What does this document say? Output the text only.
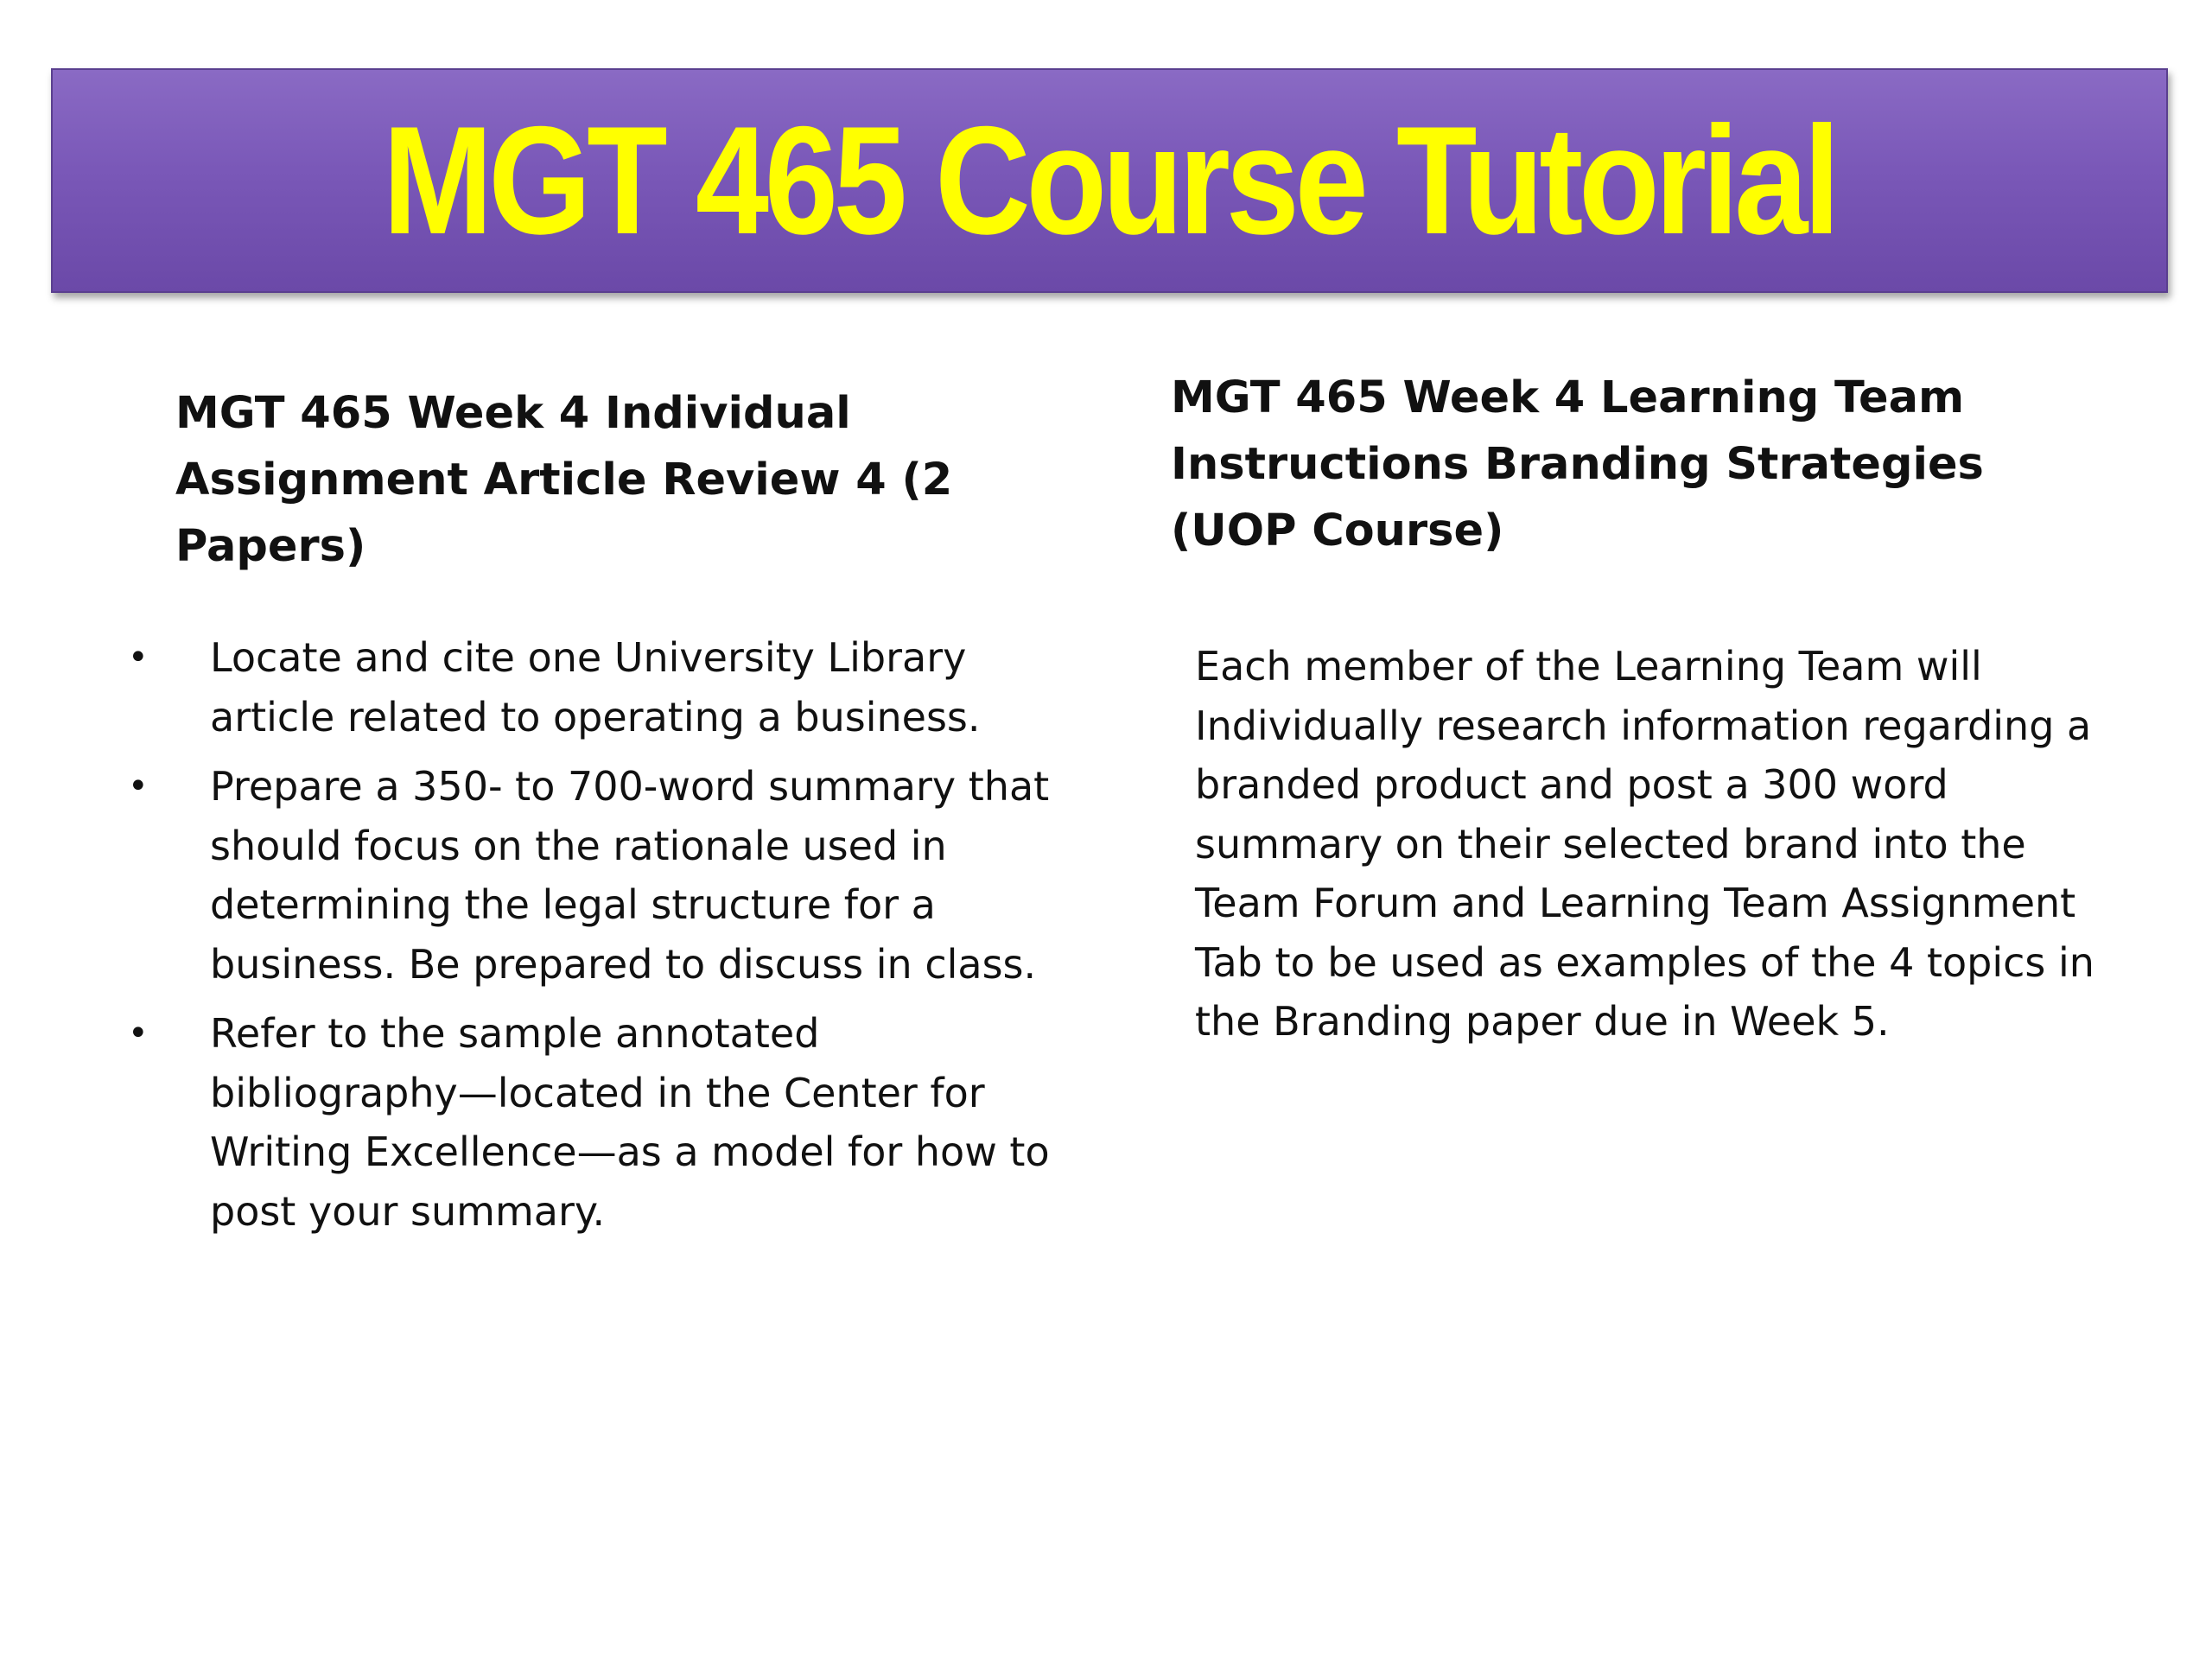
MGT 465 Course Tutorial
MGT 465 Week 4 Individual Assignment Article Review 4 (2 Papers)
• Locate and cite one University Library article related to operating a business.
• Prepare a 350- to 700-word summary that should focus on the rationale used in determining the legal structure for a business. Be prepared to discuss in class.
• Refer to the sample annotated bibliography—located in the Center for Writing Excellence—as a model for how to post your summary.
MGT 465 Week 4 Learning Team Instructions Branding Strategies (UOP Course)

Each member of the Learning Team will Individually research information regarding a branded product and post a 300 word summary on their selected brand into the Team Forum and Learning Team Assignment Tab to be used as examples of the 4 topics in the Branding paper due in Week 5.
